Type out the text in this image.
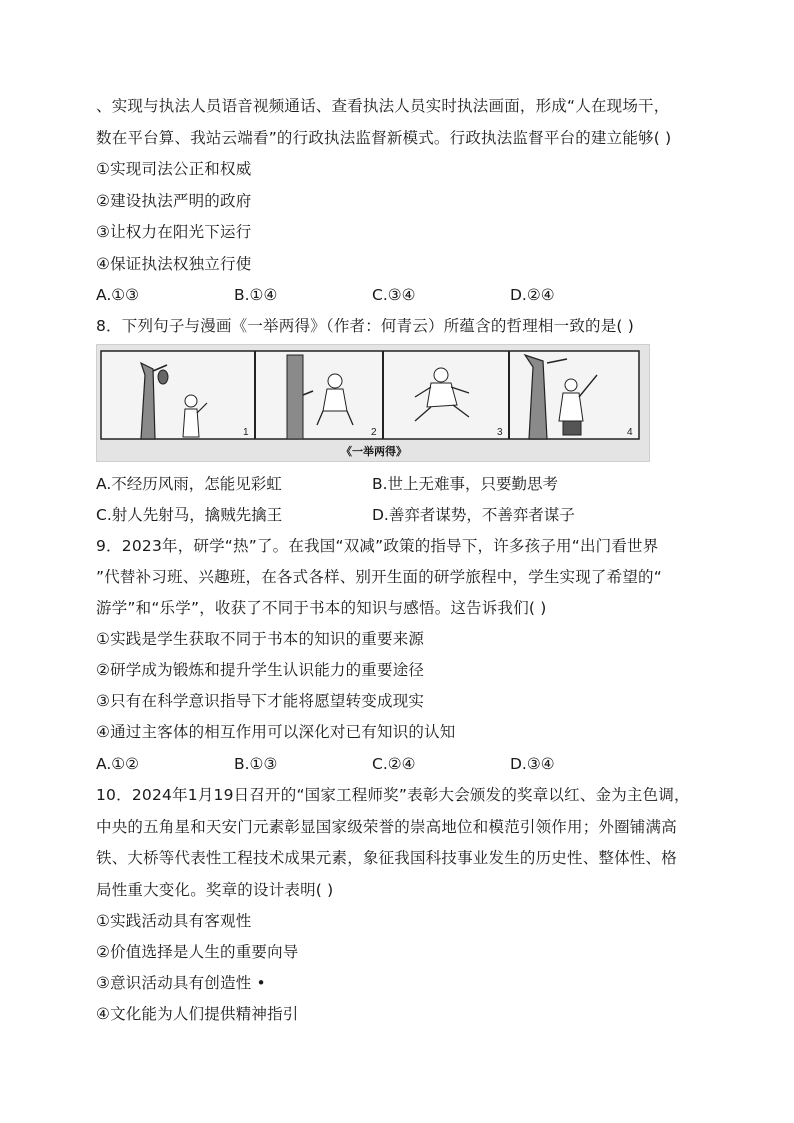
、实现与执法人员语音视频通话、查看执法人员实时执法画面，形成“人在现场干，
数在平台算、我站云端看”的行政执法监督新模式。行政执法监督平台的建立能够( )
①实现司法公正和权威
②建设执法严明的政府
③让权力在阳光下运行
④保证执法权独立行使
A.①③	B.①④	C.③④	D.②④
8．下列句子与漫画《一举两得》（作者：何青云）所蕴含的哲理相一致的是( )
1	2	3	4
《一举两得》
A.不经历风雨，怎能见彩虹	B.世上无难事，只要勤思考
C.射人先射马，擒贼先擒王	D.善弈者谋势，不善弈者谋子
9．2023年，研学“热”了。在我国“双减”政策的指导下，许多孩子用“出门看世界
”代替补习班、兴趣班，在各式各样、别开生面的研学旅程中，学生实现了希望的“
游学”和“乐学”，收获了不同于书本的知识与感悟。这告诉我们( )
①实践是学生获取不同于书本的知识的重要来源
②研学成为锻炼和提升学生认识能力的重要途径
③只有在科学意识指导下才能将愿望转变成现实
④通过主客体的相互作用可以深化对已有知识的认知
A.①②	B.①③	C.②④	D.③④
10．2024年1月19日召开的“国家工程师奖”表彰大会颁发的奖章以红、金为主色调，
中央的五角星和天安门元素彰显国家级荣誉的崇高地位和模范引领作用；外圈铺满高
铁、大桥等代表性工程技术成果元素，象征我国科技事业发生的历史性、整体性、格
局性重大变化。奖章的设计表明( )
①实践活动具有客观性
②价值选择是人生的重要向导
③意识活动具有创造性 •
④文化能为人们提供精神指引
